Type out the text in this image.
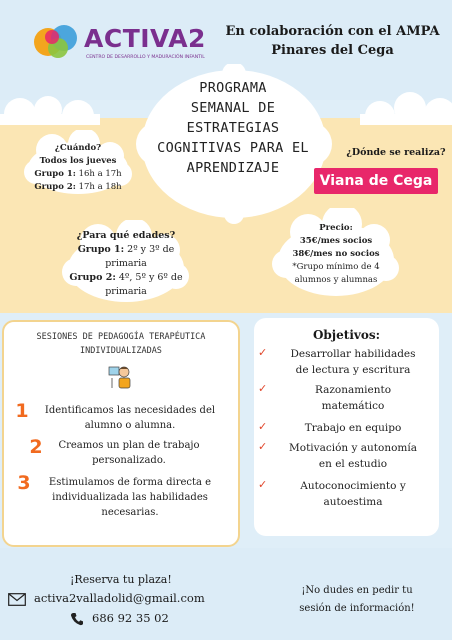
ACTIVA2
CENTRO DE DESARROLLO Y MADURACIÓN INFANTIL
En colaboración con el AMPA
Pinares del Cega
PROGRAMA
SEMANAL DE
ESTRATEGIAS
COGNITIVAS PARA EL
APRENDIZAJE
¿Cuándo?
Todos los jueves
Grupo 1: 16h a 17h
Grupo 2: 17h a 18h
¿Dónde se realiza?
Viana de Cega
¿Para qué edades?
Grupo 1: 2º y 3º de
primaria
Grupo 2: 4º, 5º y 6º de
primaria
Precio:
35€/mes socios
38€/mes no socios
*Grupo mínimo de 4
alumnos y alumnas
SESIONES DE PEDAGOGÍA TERAPÉUTICA
INDIVIDUALIZADAS
1	Identificamos las necesidades del
alumno o alumna.
2	Creamos un plan de trabajo
personalizado.
3	Estimulamos de forma directa e
individualizada las habilidades
necesarias.
Objetivos:
✓	Desarrollar habilidades
de lectura y escritura
✓	Razonamiento
matemático
✓	Trabajo en equipo
✓	Motivación y autonomía
en el estudio
✓	Autoconocimiento y
autoestima
¡Reserva tu plaza!
activa2valladolid@gmail.com
686 92 35 02
¡No dudes en pedir tu
sesión de información!
